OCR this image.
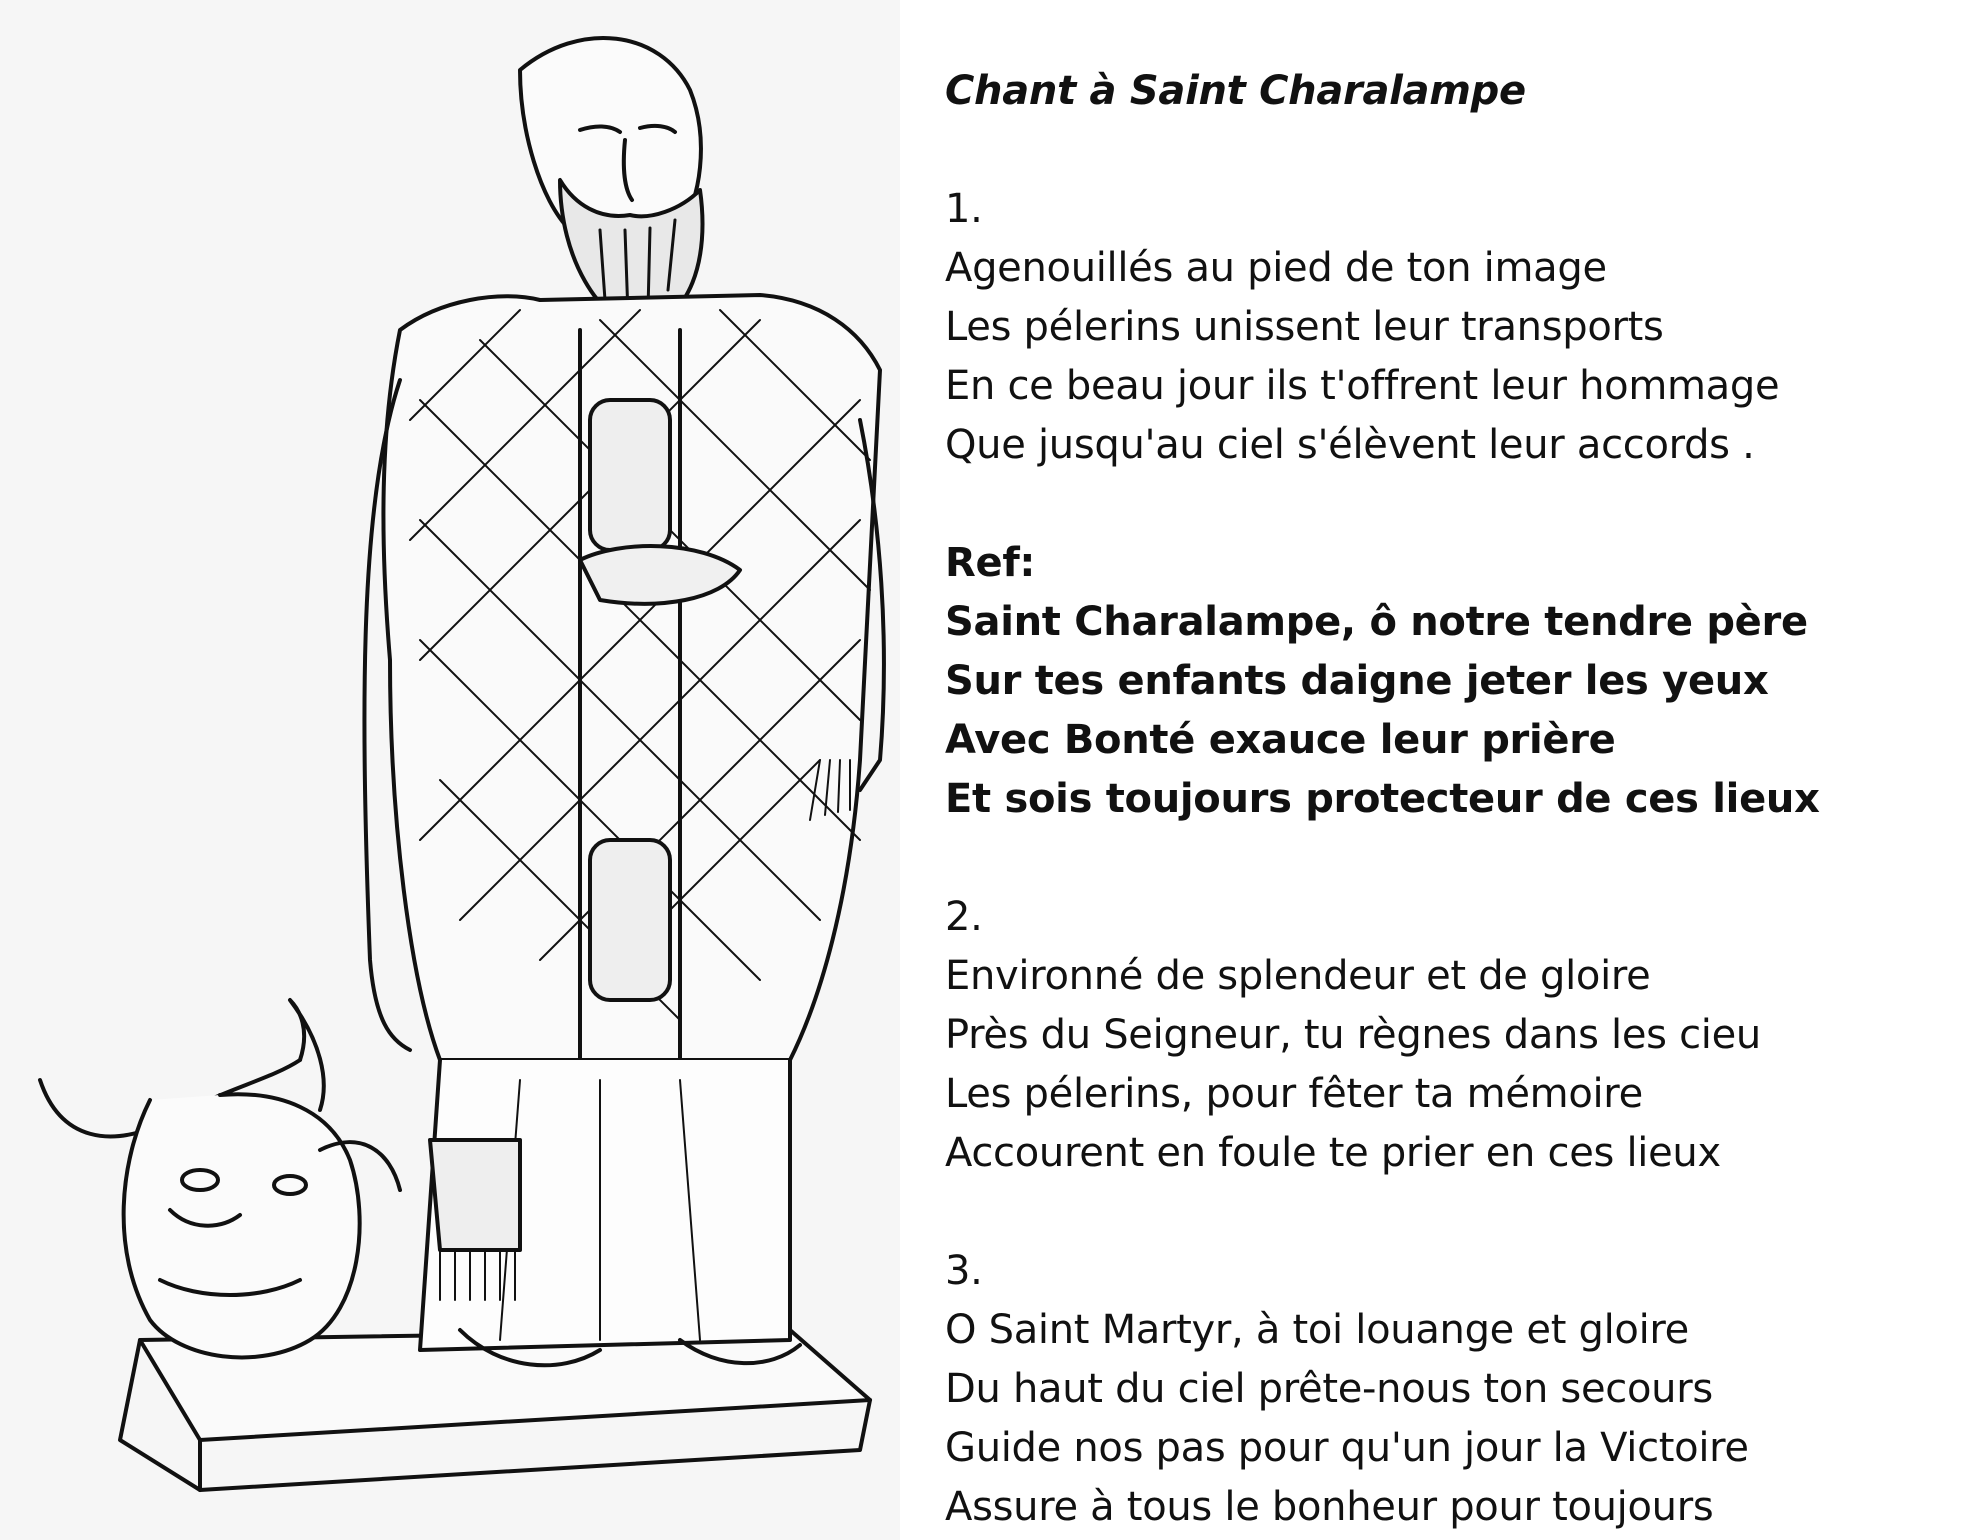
Chant à Saint Charalampe

1.

Agenouillés au pied de ton image

Les pélerins unissent leur transports

En ce beau jour ils t'offrent leur hommage

Que jusqu'au ciel s'élèvent leur accords .

Ref:

Saint Charalampe, ô notre tendre père

Sur tes enfants daigne jeter les yeux

Avec Bonté exauce leur prière

Et sois toujours protecteur de ces lieux

2.

Environné de splendeur et de gloire

Près du Seigneur, tu règnes dans les cieu

Les pélerins, pour fêter ta mémoire

Accourent en foule te prier en ces lieux

3.

O Saint Martyr, à toi louange et gloire

Du haut du ciel prête-nous ton secours

Guide nos pas pour qu'un jour la Victoire

Assure à tous le bonheur pour toujours
